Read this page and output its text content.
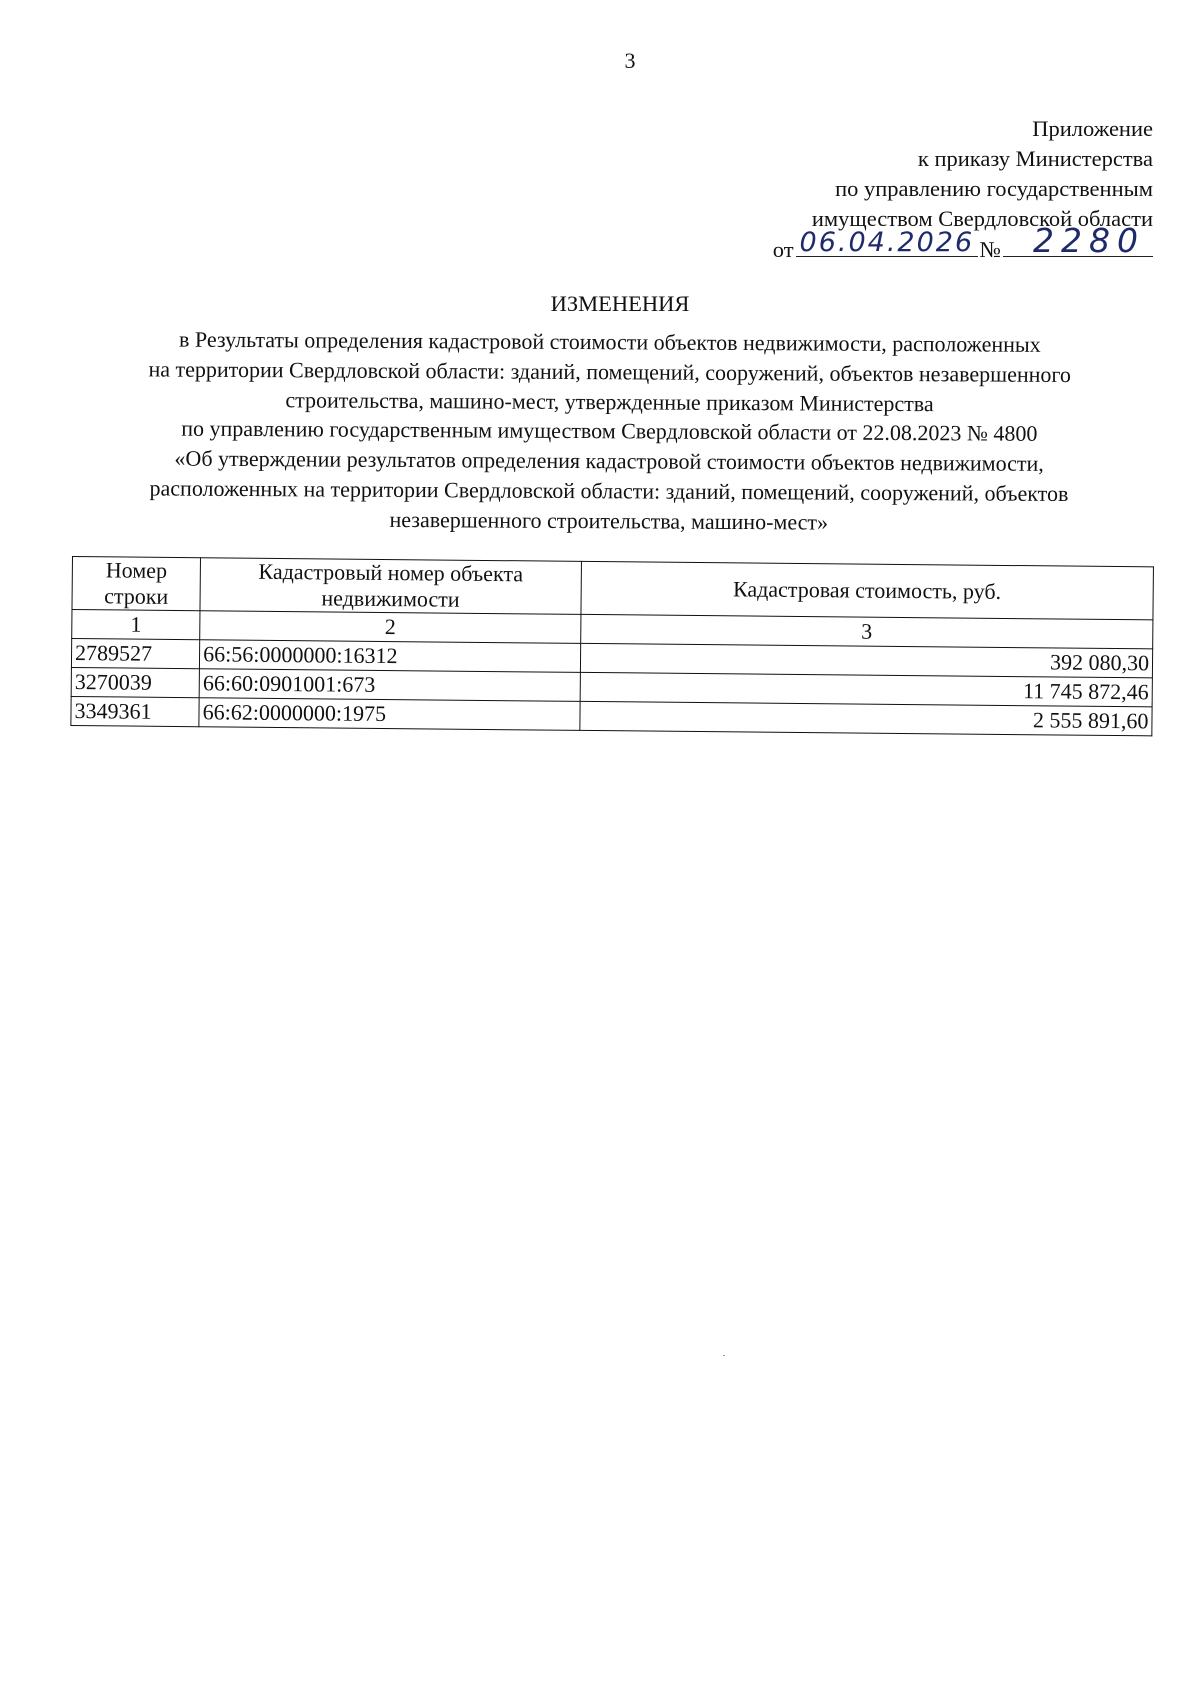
3
Приложение
к приказу Министерства
по управлению государственным
имуществом Свердловской области
от 06.04.2026 № 2280
ИЗМЕНЕНИЯ
в Результаты определения кадастровой стоимости объектов недвижимости, расположенных
на территории Свердловской области: зданий, помещений, сооружений, объектов незавершенного
строительства, машино-мест, утвержденные приказом Министерства
по управлению государственным имуществом Свердловской области от 22.08.2023 № 4800
«Об утверждении результатов определения кадастровой стоимости объектов недвижимости,
расположенных на территории Свердловской области: зданий, помещений, сооружений, объектов
незавершенного строительства, машино-мест»
Номер строки	Кадастровый номер объекта недвижимости	Кадастровая стоимость, руб.
1	2	3
2789527	66:56:0000000:16312	392 080,30
3270039	66:60:0901001:673	11 745 872,46
3349361	66:62:0000000:1975	2 555 891,60
